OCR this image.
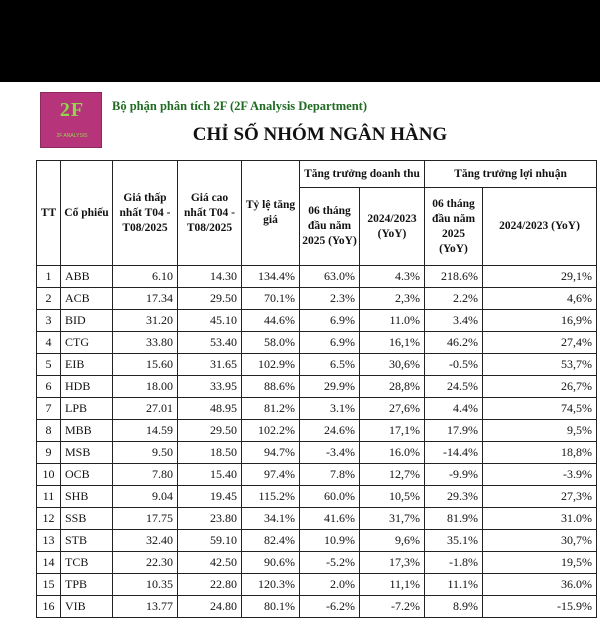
2F
2F ANALYSIS
Bộ phận phân tích 2F (2F Analysis Department)
CHỈ SỐ NHÓM NGÂN HÀNG
TT	Cổ phiếu	Giá thấp nhất T04 - T08/2025	Giá cao nhất T04 - T08/2025	Tỷ lệ tăng giá	Tăng trưởng doanh thu		Tăng trưởng lợi nhuận	
					06 tháng đầu năm 2025 (YoY)	2024/2023 (YoY)	06 tháng đầu năm 2025 (YoY)	2024/2023 (YoY)
1	ABB	6.10	14.30	134.4%	63.0%	4.3%	218.6%	29,1%
2	ACB	17.34	29.50	70.1%	2.3%	2,3%	2.2%	4,6%
3	BID	31.20	45.10	44.6%	6.9%	11.0%	3.4%	16,9%
4	CTG	33.80	53.40	58.0%	6.9%	16,1%	46.2%	27,4%
5	EIB	15.60	31.65	102.9%	6.5%	30,6%	-0.5%	53,7%
6	HDB	18.00	33.95	88.6%	29.9%	28,8%	24.5%	26,7%
7	LPB	27.01	48.95	81.2%	3.1%	27,6%	4.4%	74,5%
8	MBB	14.59	29.50	102.2%	24.6%	17,1%	17.9%	9,5%
9	MSB	9.50	18.50	94.7%	-3.4%	16.0%	-14.4%	18,8%
10	OCB	7.80	15.40	97.4%	7.8%	12,7%	-9.9%	-3.9%
11	SHB	9.04	19.45	115.2%	60.0%	10,5%	29.3%	27,3%
12	SSB	17.75	23.80	34.1%	41.6%	31,7%	81.9%	31.0%
13	STB	32.40	59.10	82.4%	10.9%	9,6%	35.1%	30,7%
14	TCB	22.30	42.50	90.6%	-5.2%	17,3%	-1.8%	19,5%
15	TPB	10.35	22.80	120.3%	2.0%	11,1%	11.1%	36.0%
16	VIB	13.77	24.80	80.1%	-6.2%	-7.2%	8.9%	-15.9%
